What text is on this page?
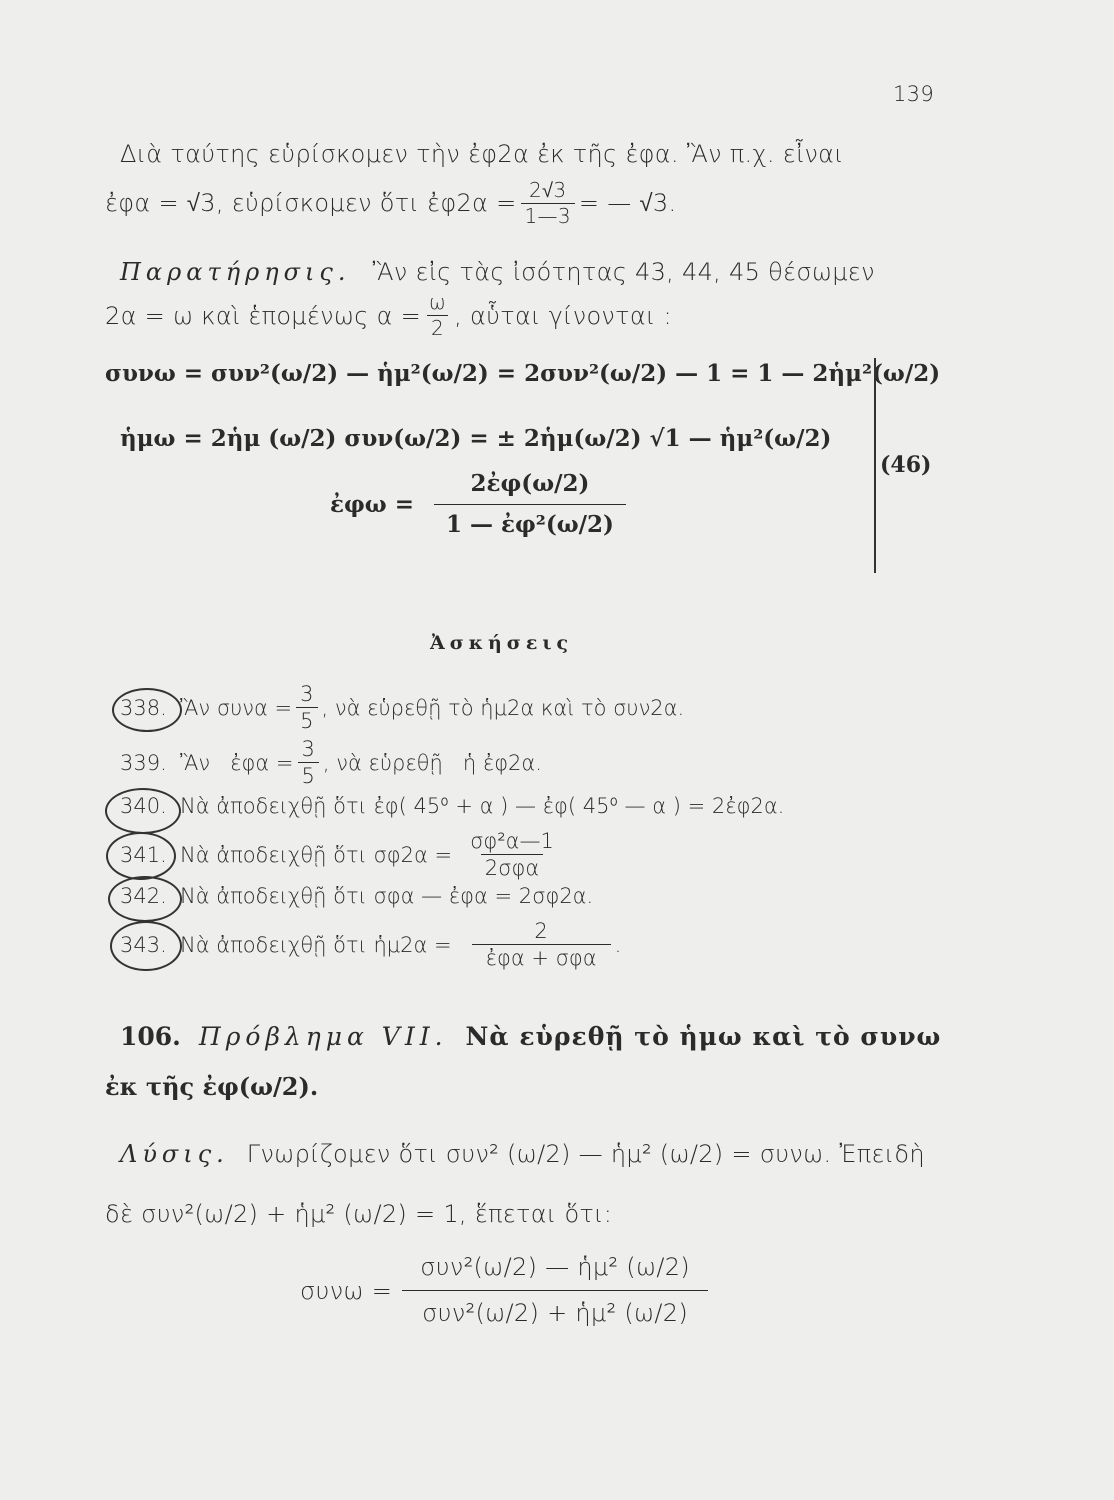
139
Διὰ ταύτης εὑρίσκομεν τὴν ἐφ2α ἐκ τῆς ἐφα. Ἂν π.χ. εἶναι
ἐφα = √3, εὑρίσκομεν ὅτι ἐφ2α = $\frac{2√3}{1—3}$ = — √3.
Παρατήρησις. Ἂν εἰς τὰς ἰσότητας 43, 44, 45 θέσωμεν
2α = ω καὶ ἑπομένως $\alpha = \frac{\omega}{2}$ , αὗται γίνονται :
συνω = συν²(ω/2) — ἡμ²(ω/2) = 2συν²(ω/2) — 1 = 1 — 2ἡμ²(ω/2)
ἡμω = 2ἡμ (ω/2) συν(ω/2) = ± 2ἡμ(ω/2) √1 — ἡμ²(ω/2)
ἐφω = $\frac{\text{2ἐφ(ω/2)}}{\text{1 — ἐφ²(ω/2)}}$
(46)
Ἀσκήσεις
338. Ἂν $\sigma\upsilon\nu\alpha = \frac{3}{5}$ , νὰ εὑρεθῇ τὸ ἡμ2α καὶ τὸ συν2α.
339. Ἂν   ἐφα = $\frac{3}{5}$ , νὰ εὑρεθῇ   ἡ ἐφ2α.
340. Νὰ ἀποδειχθῇ ὅτι ἐφ( 45⁰ + α ) — ἐφ( 45⁰ — α ) = 2ἐφ2α.
341. Νὰ ἀποδειχθῇ ὅτι $\sigma\varphi 2\alpha = \frac{\text{σφ²α—1}}{\text{2σφα}}$
342. Νὰ ἀποδειχθῇ ὅτι σφα — ἐφα = 2σφ2α.
343. Νὰ ἀποδειχθῇ ὅτι ἡμ2α = $\frac{2}{\text{ἐφα + σφα}}$ .
106. Πρόβλημα VII. Νὰ εὑρεθῇ τὸ ἡμω καὶ τὸ συνω
ἐκ τῆς ἐφ(ω/2).
Λύσις. Γνωρίζομεν ὅτι συν² (ω/2) — ἡμ² (ω/2) = συνω. Ἐπειδὴ
δὲ συν²(ω/2) + ἡμ² (ω/2) = 1, ἕπεται ὅτι:
$\sigma\upsilon\nu\omega = \frac{\text{συν²(ω/2) — ἡμ² (ω/2)}}{\text{συν²(ω/2) + ἡμ² (ω/2)}}$
